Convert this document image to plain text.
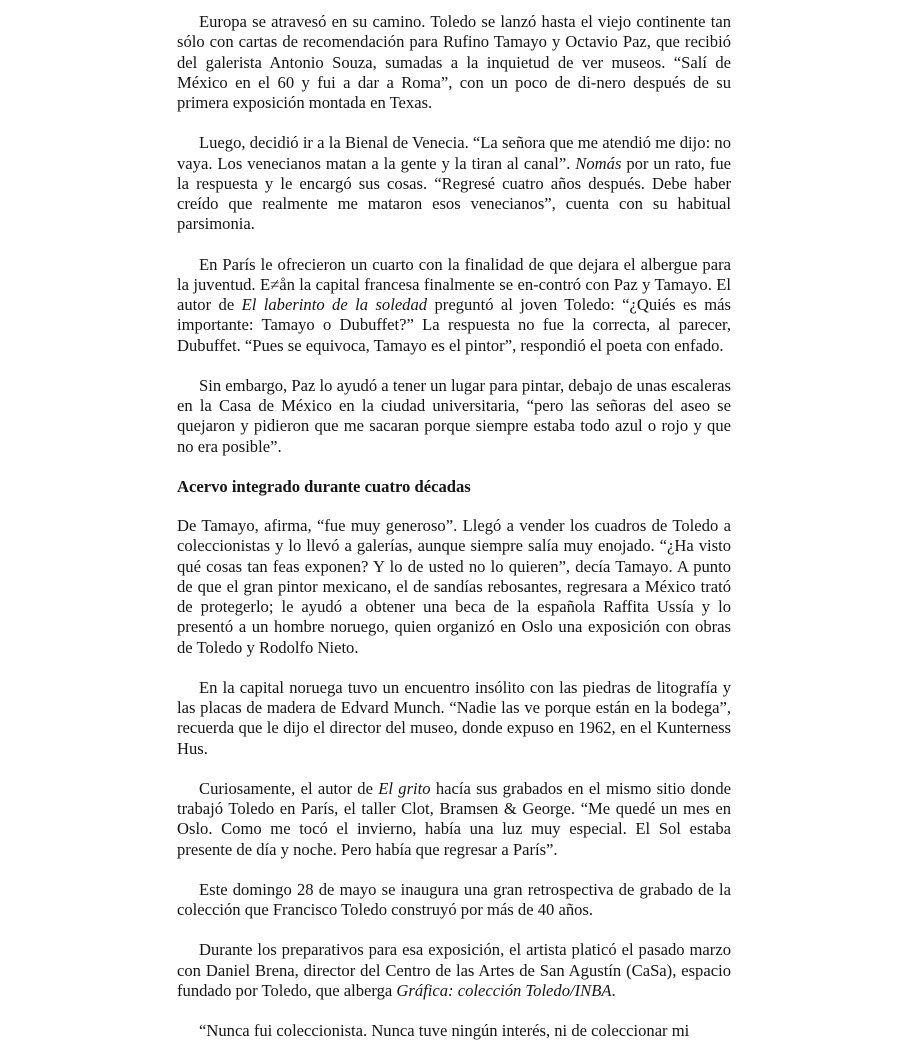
Europa se atravesó en su camino. Toledo se lanzó hasta el viejo continente tan sólo con cartas de recomendación para Rufino Tamayo y Octavio Paz, que recibió del galerista Antonio Souza, sumadas a la inquietud de ver museos. “Salí de México en el 60 y fui a dar a Roma”, con un poco de di-nero después de su primera exposición montada en Texas.

Luego, decidió ir a la Bienal de Venecia. “La señora que me atendió me dijo: no vaya. Los venecianos matan a la gente y la tiran al canal”. Nomás por un rato, fue la respuesta y le encargó sus cosas. “Regresé cuatro años después. Debe haber creído que realmente me mataron esos venecianos”, cuenta con su habitual parsimonia.

En París le ofrecieron un cuarto con la finalidad de que dejara el albergue para la juventud. E≠ån la capital francesa finalmente se en-contró con Paz y Tamayo. El autor de El laberinto de la soledad preguntó al joven Toledo: “¿Quiés es más importante: Tamayo o Dubuffet?” La respuesta no fue la correcta, al parecer, Dubuffet. “Pues se equivoca, Tamayo es el pintor”, respondió el poeta con enfado.

Sin embargo, Paz lo ayudó a tener un lugar para pintar, debajo de unas escaleras en la Casa de México en la ciudad universitaria, “pero las señoras del aseo se quejaron y pidieron que me sacaran porque siempre estaba todo azul o rojo y que no era posible”.

Acervo integrado durante cuatro décadas

De Tamayo, afirma, “fue muy generoso”. Llegó a vender los cuadros de Toledo a coleccionistas y lo llevó a galerías, aunque siempre salía muy enojado. “¿Ha visto qué cosas tan feas exponen? Y lo de usted no lo quieren”, decía Tamayo. A punto de que el gran pintor mexicano, el de sandías rebosantes, regresara a México trató de protegerlo; le ayudó a obtener una beca de la española Raffita Ussía y lo presentó a un hombre noruego, quien organizó en Oslo una exposición con obras de Toledo y Rodolfo Nieto.

En la capital noruega tuvo un encuentro insólito con las piedras de litografía y las placas de madera de Edvard Munch. “Nadie las ve porque están en la bodega”, recuerda que le dijo el director del museo, donde expuso en 1962, en el Kunterness Hus.

Curiosamente, el autor de El grito hacía sus grabados en el mismo sitio donde trabajó Toledo en París, el taller Clot, Bramsen & George. “Me quedé un mes en Oslo. Como me tocó el invierno, había una luz muy especial. El Sol estaba presente de día y noche. Pero había que regresar a París”.

Este domingo 28 de mayo se inaugura una gran retrospectiva de grabado de la colección que Francisco Toledo construyó por más de 40 años.

Durante los preparativos para esa exposición, el artista platicó el pasado marzo con Daniel Brena, director del Centro de las Artes de San Agustín (CaSa), espacio fundado por Toledo, que alberga Gráfica: colección Toledo/INBA.

“Nunca fui coleccionista. Nunca tuve ningún interés, ni de coleccionar mi
